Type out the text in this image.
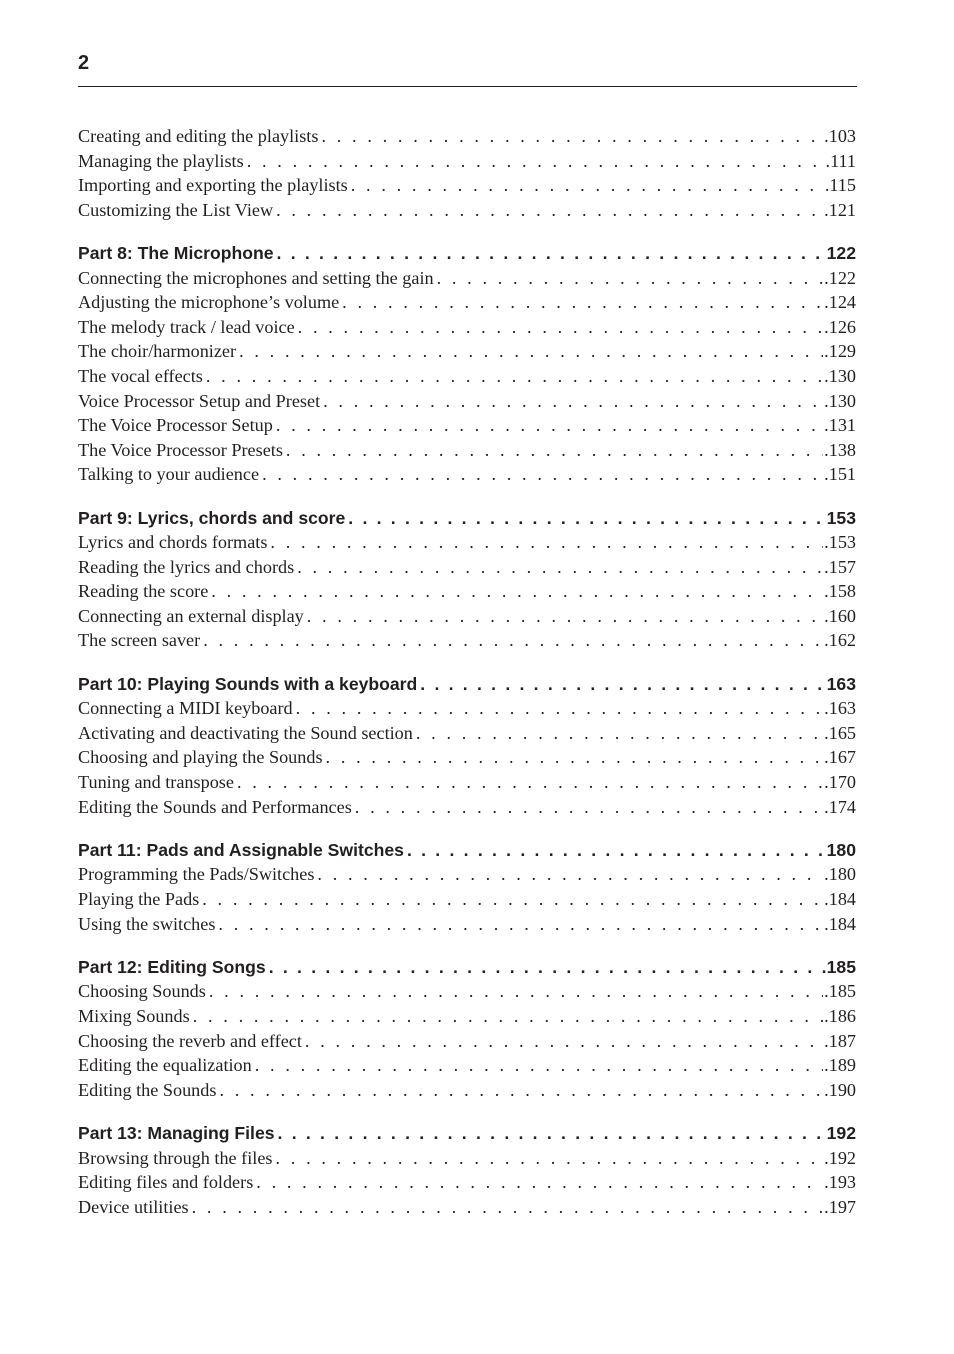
2
Creating and editing the playlists . . .	.103
Managing the playlists . . .	.111
Importing and exporting the playlists . . .	.115
Customizing the List View . . .	.121
Part 8: The Microphone . . .	122
Connecting the microphones and setting the gain . . .	.122
Adjusting the microphone’s volume . . .	.124
The melody track / lead voice . . .	.126
The choir/harmonizer . . .	.129
The vocal effects . . .	.130
Voice Processor Setup and Preset . . .	.130
The Voice Processor Setup . . .	.131
The Voice Processor Presets . . .	.138
Talking to your audience . . .	.151
Part 9: Lyrics, chords and score . . .	153
Lyrics and chords formats . . .	.153
Reading the lyrics and chords . . .	.157
Reading the score . . .	.158
Connecting an external display . . .	.160
The screen saver . . .	.162
Part 10: Playing Sounds with a keyboard . . .	163
Connecting a MIDI keyboard . . .	.163
Activating and deactivating the Sound section . . .	.165
Choosing and playing the Sounds . . .	.167
Tuning and transpose . . .	.170
Editing the Sounds and Performances . . .	.174
Part 11: Pads and Assignable Switches . . .	180
Programming the Pads/Switches . . .	.180
Playing the Pads . . .	.184
Using the switches . . .	.184
Part 12: Editing Songs . . .	185
Choosing Sounds . . .	.185
Mixing Sounds . . .	.186
Choosing the reverb and effect . . .	.187
Editing the equalization . . .	.189
Editing the Sounds . . .	.190
Part 13: Managing Files . . .	192
Browsing through the files . . .	.192
Editing files and folders . . .	.193
Device utilities . . .	.197
